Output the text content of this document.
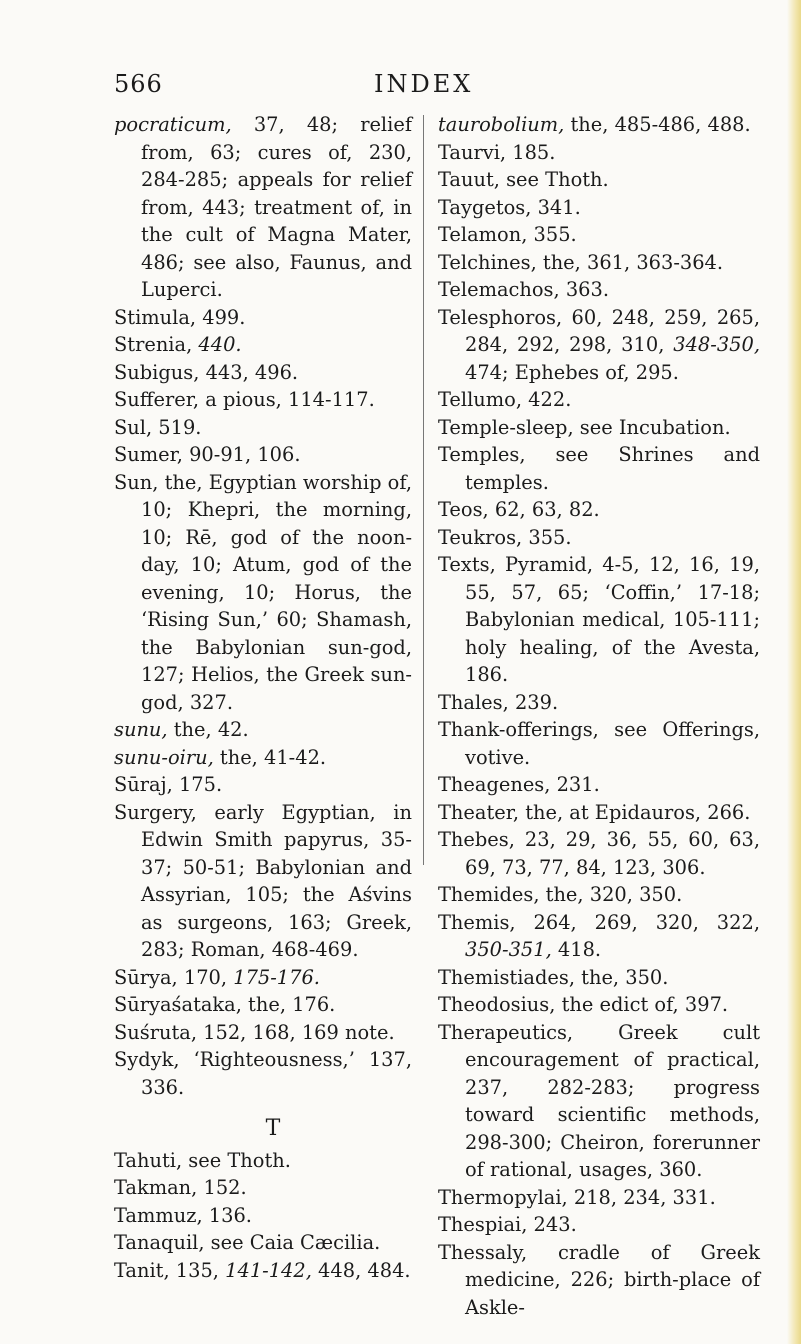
566	INDEX
pocraticum, 37, 48; relief from, 63; cures of, 230, 284-285; appeals for relief from, 443; treatment of, in the cult of Magna Mater, 486; see also, Faunus, and Luperci.
Stimula, 499.
Strenia, 440.
Subigus, 443, 496.
Sufferer, a pious, 114-117.
Sul, 519.
Sumer, 90-91, 106.
Sun, the, Egyptian worship of, 10; Khepri, the morning, 10; Rē, god of the noon-day, 10; Atum, god of the evening, 10; Horus, the ‘Rising Sun,’ 60; Shamash, the Babylonian sun-god, 127; Helios, the Greek sun-god, 327.
sunu, the, 42.
sunu-oiru, the, 41-42.
Sūraj, 175.
Surgery, early Egyptian, in Edwin Smith papyrus, 35-37; 50-51; Babylonian and Assyrian, 105; the Aśvins as surgeons, 163; Greek, 283; Roman, 468-469.
Sūrya, 170, 175-176.
Sūryaśataka, the, 176.
Suśruta, 152, 168, 169 note.
Sydyk, ‘Righteousness,’ 137, 336.
T
Tahuti, see Thoth.
Takman, 152.
Tammuz, 136.
Tanaquil, see Caia Cæcilia.
Tanit, 135, 141-142, 448, 484.
taurobolium, the, 485-486, 488.
Taurvi, 185.
Tauut, see Thoth.
Taygetos, 341.
Telamon, 355.
Telchines, the, 361, 363-364.
Telemachos, 363.
Telesphoros, 60, 248, 259, 265, 284, 292, 298, 310, 348-350, 474; Ephebes of, 295.
Tellumo, 422.
Temple-sleep, see Incubation.
Temples, see Shrines and temples.
Teos, 62, 63, 82.
Teukros, 355.
Texts, Pyramid, 4-5, 12, 16, 19, 55, 57, 65; ‘Coffin,’ 17-18; Babylonian medical, 105-111; holy healing, of the Avesta, 186.
Thales, 239.
Thank-offerings, see Offerings, votive.
Theagenes, 231.
Theater, the, at Epidauros, 266.
Thebes, 23, 29, 36, 55, 60, 63, 69, 73, 77, 84, 123, 306.
Themides, the, 320, 350.
Themis, 264, 269, 320, 322, 350-351, 418.
Themistiades, the, 350.
Theodosius, the edict of, 397.
Therapeutics, Greek cult encouragement of practical, 237, 282-283; progress toward scientific methods, 298-300; Cheiron, forerunner of rational, usages, 360.
Thermopylai, 218, 234, 331.
Thespiai, 243.
Thessaly, cradle of Greek medicine, 226; birth-place of Askle-
